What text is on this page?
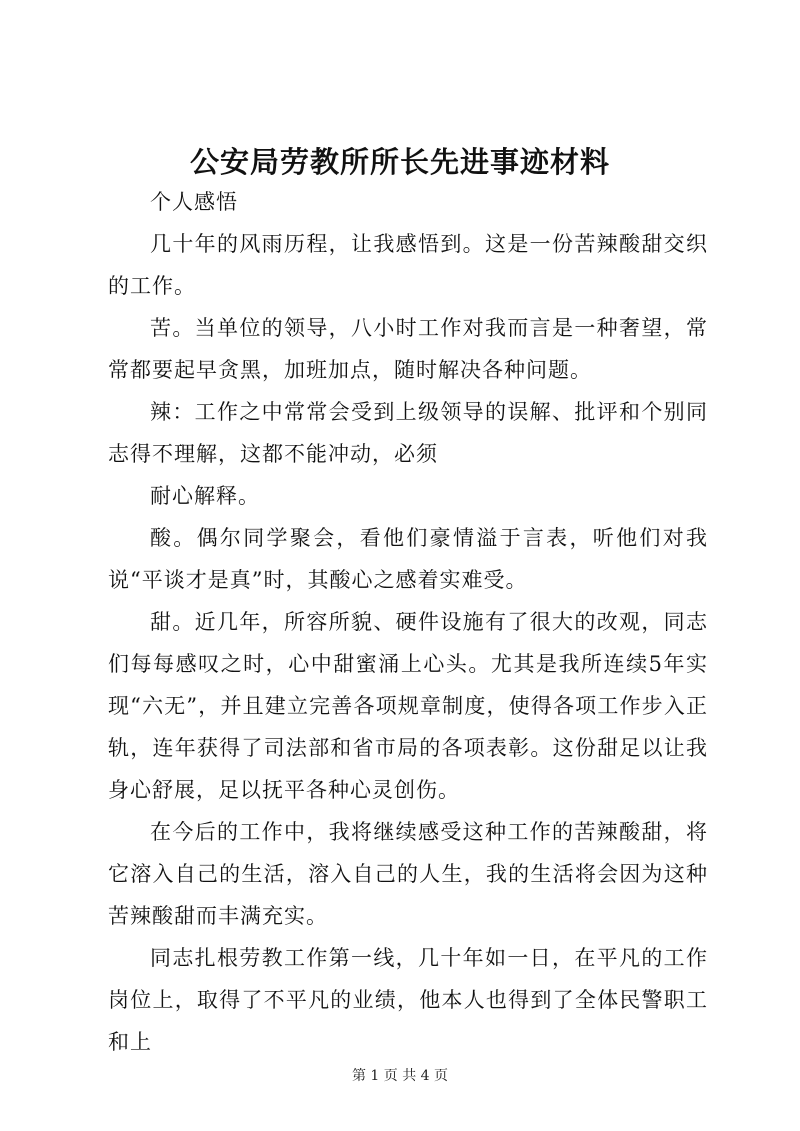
公安局劳教所所长先进事迹材料

个人感悟

几十年的风雨历程，让我感悟到。这是一份苦辣酸甜交织的工作。

苦。当单位的领导，八小时工作对我而言是一种奢望，常常都要起早贪黑，加班加点，随时解决各种问题。

辣：工作之中常常会受到上级领导的误解、批评和个别同志得不理解，这都不能冲动，必须

耐心解释。

酸。偶尔同学聚会，看他们豪情溢于言表，听他们对我说“平谈才是真”时，其酸心之感着实难受。

甜。近几年，所容所貌、硬件设施有了很大的改观，同志们每每感叹之时，心中甜蜜涌上心头。尤其是我所连续5年实现“六无”，并且建立完善各项规章制度，使得各项工作步入正轨，连年获得了司法部和省市局的各项表彰。这份甜足以让我身心舒展，足以抚平各种心灵创伤。

在今后的工作中，我将继续感受这种工作的苦辣酸甜，将它溶入自己的生活，溶入自己的人生，我的生活将会因为这种苦辣酸甜而丰满充实。

同志扎根劳教工作第一线，几十年如一日，在平凡的工作岗位上，取得了不平凡的业绩，他本人也得到了全体民警职工和上

第 1 页 共 4 页
